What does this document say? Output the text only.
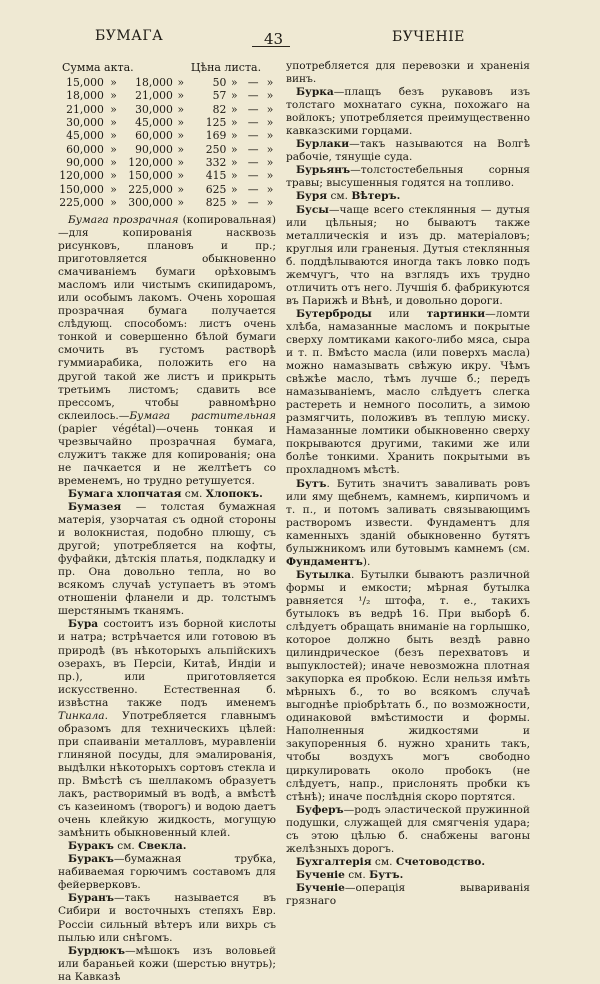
БУМАГА	43	БУЧЕНІЕ
Сумма акта.			Цѣна листа.				
15,000	»	18,000	»	50	»	—	»
18,000	»	21,000	»	57	»	—	»
21,000	»	30,000	»	82	»	—	»
30,000	»	45,000	»	125	»	—	»
45,000	»	60,000	»	169	»	—	»
60,000	»	90,000	»	250	»	—	»
90,000	»	120,000	»	332	»	—	»
120,000	»	150,000	»	415	»	—	»
150,000	»	225,000	»	625	»	—	»
225,000	»	300,000	»	825	»	—	»

Бумага прозрачная (копировальная)—для копированія насквозь рисунковъ, плановъ и пр.; приготовляется обыкновенно смачиваніемъ бумаги орѣховымъ масломъ или чистымъ скипидаромъ, или особымъ лакомъ. Очень хорошая прозрачная бумага получается слѣдующ. способомъ: листъ очень тонкой и совершенно бѣлой бумаги смочить въ густомъ растворѣ гуммиарабика, положить его на другой такой же листъ и прикрыть третьимъ листомъ; сдавить все прессомъ, чтобы равномѣрно склеилось.—Бумага растительная (papier végétal)—очень тонкая и чрезвычайно прозрачная бумага, служитъ также для копированія; она не пачкается и не желтѣетъ со временемъ, но трудно ретушуется.

Бумага хлопчатая см. Хлопокъ.

Бумазея — толстая бумажная матерія, узорчатая съ одной стороны и волокнистая, подобно плюшу, съ другой; употребляется на кофты, фуфайки, дѣтскія платья, подкладку и пр. Она довольно тепла, но во всякомъ случаѣ уступаетъ въ этомъ отношеніи фланели и др. толстымъ шерстянымъ тканямъ.

Бура состоитъ изъ борной кислоты и натра; встрѣчается или готовою въ природѣ (въ нѣкоторыхъ альпійскихъ озерахъ, въ Персіи, Китаѣ, Индіи и пр.), или приготовляется искусственно. Естественная б. извѣстна также подъ именемъ Тинкала. Употребляется главнымъ образомъ для техническихъ цѣлей: при спаиваніи металловъ, муравленіи глиняной посуды, для эмалированія, выдѣлки нѣкоторыхъ сортовъ стекла и пр. Вмѣстѣ съ шеллакомъ образуетъ лакъ, растворимый въ водѣ, а вмѣстѣ съ казеиномъ (творогъ) и водою даетъ очень клейкую жидкость, могущую замѣнить обыкновенный клей.

Буракъ см. Свекла.

Буракъ—бумажная трубка, набиваемая горючимъ составомъ для фейерверковъ.

Буранъ—такъ называется въ Сибири и восточныхъ степяхъ Евр. Россіи сильный вѣтеръ или вихрь съ пылью или снѣгомъ.

Бурдюкъ—мѣшокъ изъ воловьей или бараньей кожи (шерстью внутрь); на Кавказѣ

употребляется для перевозки и храненія винъ.

Бурка—плащъ безъ рукавовъ изъ толстаго мохнатаго сукна, похожаго на войлокъ; употребляется преимущественно кавказскими горцами.

Бурлаки—такъ называются на Волгѣ рабочіе, тянущіе суда.

Бурьянъ—толстостебельныя сорныя травы; высушенныя годятся на топливо.

Буря см. Вѣтеръ.

Бусы—чаще всего стеклянныя — дутыя или цѣльныя; но бываютъ также металлическія и изъ др. матеріаловъ; круглыя или граненыя. Дутыя стеклянныя б. поддѣлываются иногда такъ ловко подъ жемчугъ, что на взглядъ ихъ трудно отличить отъ него. Лучшія б. фабрикуются въ Парижѣ и Вѣнѣ, и довольно дороги.

Бутерброды или тартинки—ломти хлѣба, намазанные масломъ и покрытые сверху ломтиками какого-либо мяса, сыра и т. п. Вмѣсто масла (или поверхъ масла) можно намазывать свѣжую икру. Чѣмъ свѣжѣе масло, тѣмъ лучше б.; передъ намазываніемъ, масло слѣдуетъ слегка растереть и немного посолить, а зимою размягчить, положивъ въ теплую миску. Намазанные ломтики обыкновенно сверху покрываются другими, такими же или болѣе тонкими. Хранить покрытыми въ прохладномъ мѣстѣ.

Бутъ. Бутить значитъ заваливать ровъ или яму щебнемъ, камнемъ, кирпичомъ и т. п., и потомъ заливать связывающимъ растворомъ извести. Фундаментъ для каменныхъ зданій обыкновенно бутятъ булыжникомъ или бутовымъ камнемъ (см. Фундаментъ).

Бутылка. Бутылки бываютъ различной формы и емкости; мѣрная бутылка равняется ¹/₂ штофа, т. е., такихъ бутылокъ въ ведрѣ 16. При выборѣ б. слѣдуетъ обращать вниманіе на горлышко, которое должно быть вездѣ равно цилиндрическое (безъ перехватовъ и выпуклостей); иначе невозможна плотная закупорка ея пробкою. Если нельзя имѣть мѣрныхъ б., то во всякомъ случаѣ выгоднѣе пріобрѣтать б., по возможности, одинаковой вмѣстимости и формы. Наполненныя жидкостями и закупоренныя б. нужно хранить такъ, чтобы воздухъ могъ свободно циркулировать около пробокъ (не слѣдуетъ, напр., прислонять пробки къ стѣнѣ); иначе послѣднія скоро портятся.

Буферъ—родъ эластической пружинной подушки, служащей для смягченія удара; съ этою цѣлью б. снабжены вагоны желѣзныхъ дорогъ.

Бухгалтерія см. Счетоводство.

Бученіе см. Бутъ.

Бученіе—операція вывариванія грязнаго
